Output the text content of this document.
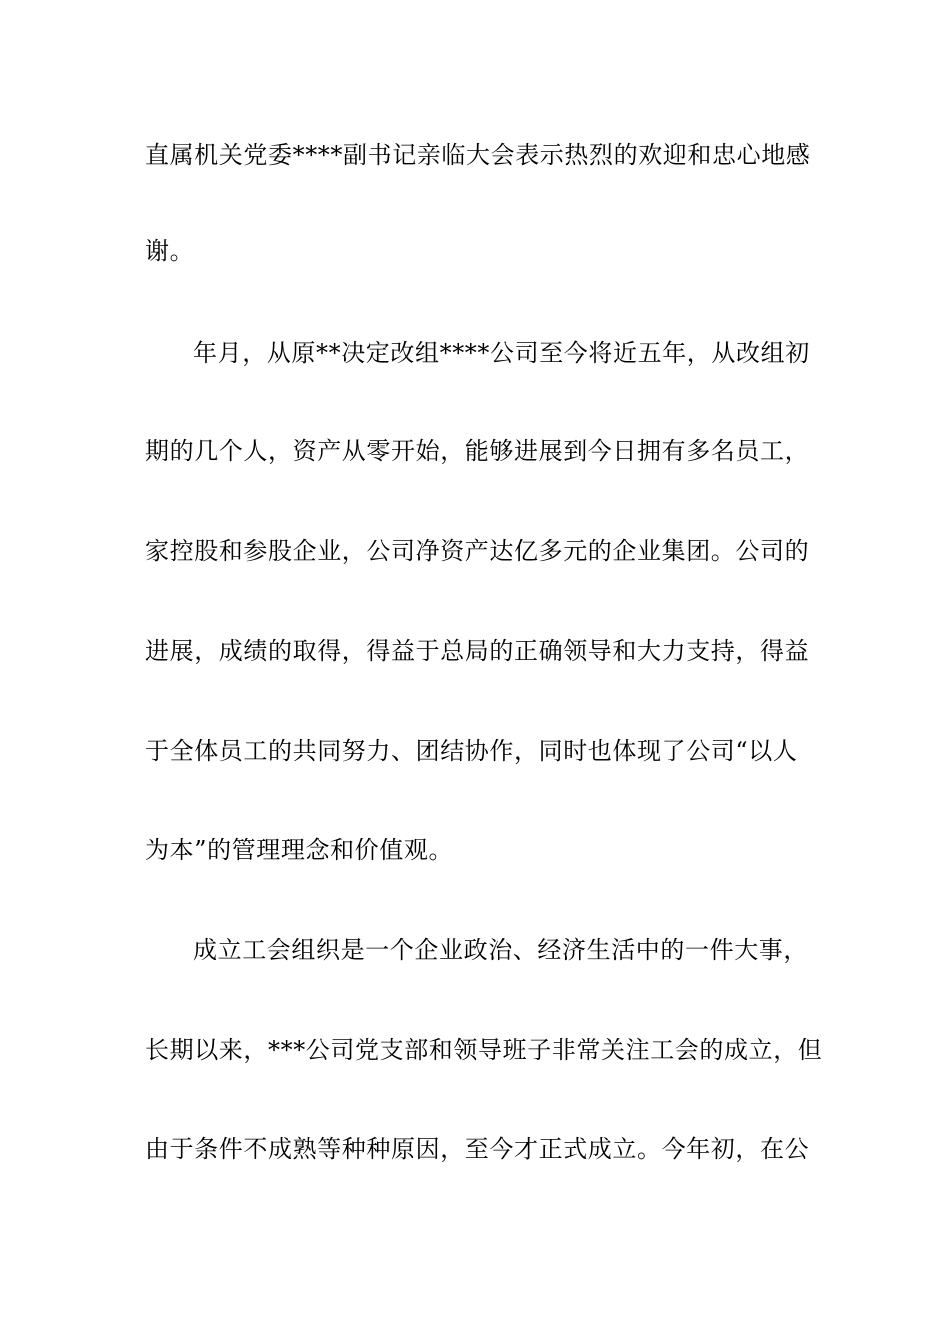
直属机关党委****副书记亲临大会表示热烈的欢迎和忠心地感
谢。
年月，从原**决定改组****公司至今将近五年，从改组初
期的几个人，资产从零开始，能够进展到今日拥有多名员工，
家控股和参股企业，公司净资产达亿多元的企业集团。公司的
进展，成绩的取得，得益于总局的正确领导和大力支持，得益
于全体员工的共同努力、团结协作，同时也体现了公司“以人
为本”的管理理念和价值观。
成立工会组织是一个企业政治、经济生活中的一件大事，
长期以来，***公司党支部和领导班子非常关注工会的成立，但
由于条件不成熟等种种原因，至今才正式成立。今年初，在公
